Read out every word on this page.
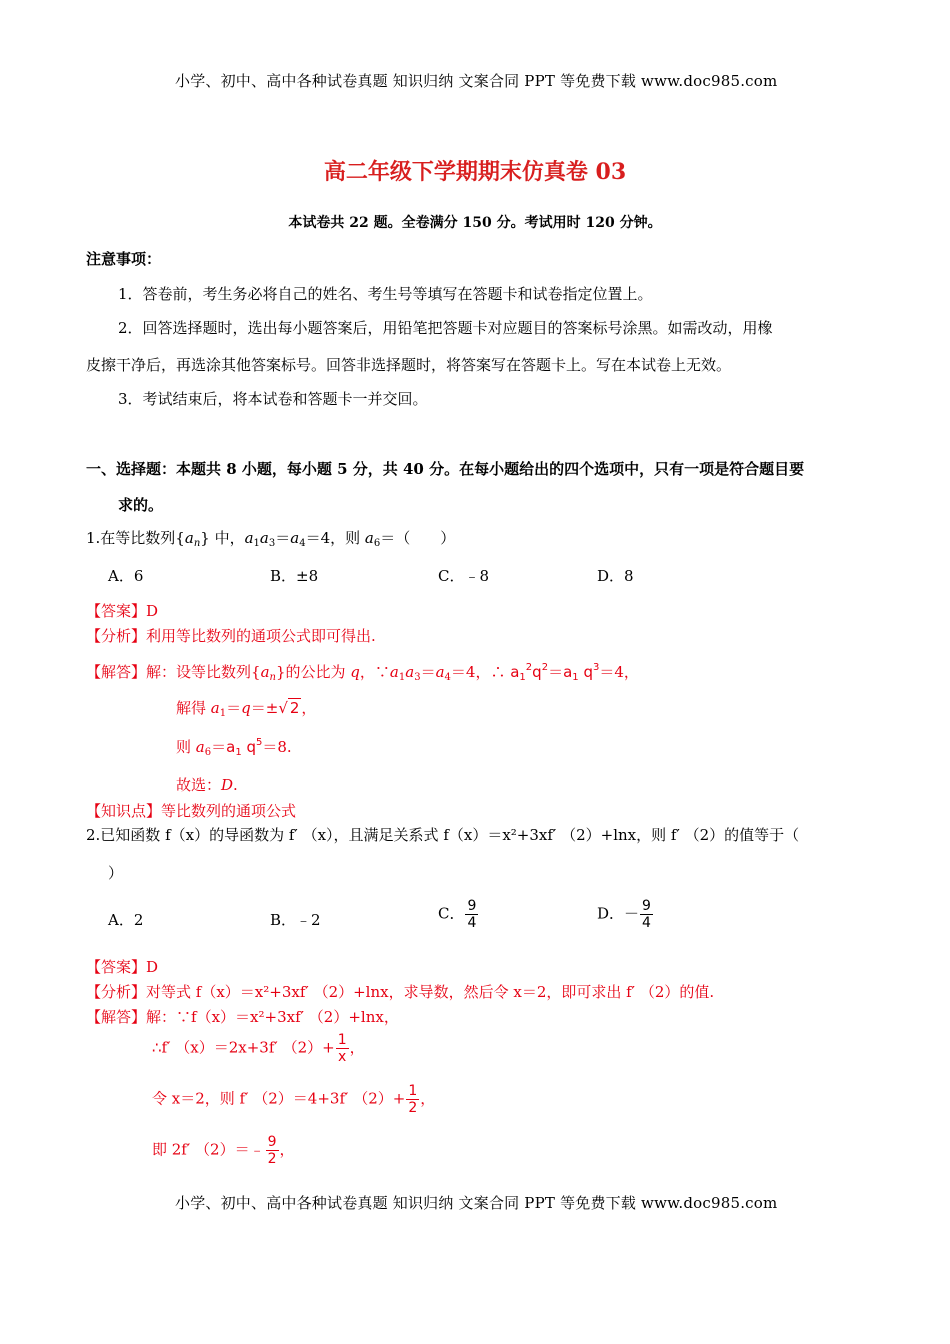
小学、初中、高中各种试卷真题 知识归纳 文案合同 PPT 等免费下载 www.doc985.com
小学、初中、高中各种试卷真题 知识归纳 文案合同 PPT 等免费下载 www.doc985.com
高二年级下学期期末仿真卷 03
本试卷共 22 题。全卷满分 150 分。考试用时 120 分钟。
注意事项：
1．答卷前，考生务必将自己的姓名、考生号等填写在答题卡和试卷指定位置上。
2．回答选择题时，选出每小题答案后，用铅笔把答题卡对应题目的答案标号涂黑。如需改动，用橡
皮擦干净后，再选涂其他答案标号。回答非选择题时，将答案写在答题卡上。写在本试卷上无效。
3．考试结束后，将本试卷和答题卡一并交回。
一、选择题：本题共 8 小题，每小题 5 分，共 40 分。在每小题给出的四个选项中，只有一项是符合题目要
求的。
1.在等比数列$\{a_n\}$ 中，$a_1a_3=a_4=4$，则 $a_6=$（　　）
A．6	B．±8	C．﹣8	D．8
【答案】D
【分析】利用等比数列的通项公式即可得出.
【解答】解：设等比数列$\{a_n\}$的公比为 q，$\because a_1a_3=a_4=4$，∴ $a_1^2q^2=a_1$ $q^3=4$，
解得 $a_1=q=\pm√$ 2 ，
则 $a_6=a_1$ $q^5=8$.
故选：D.
【知识点】等比数列的通项公式
2.已知函数 f（x）的导函数为 f′ （x），且满足关系式 f（x）＝x²+3xf′ （2）+lnx，则 f′ （2）的值等于（
）
A．2	B．﹣2	C． $\frac{9}{4}$	D．－ $\frac{9}{4}$
【答案】D
【分析】对等式 f（x）＝x²+3xf′ （2）+lnx，求导数，然后令 x＝2，即可求出 f′ （2）的值.
【解答】解：∵f（x）＝x²+3xf′ （2）+lnx，
∴f′ （x）＝2x+3f′ $(2)+ \frac{1}{x}$ ，
令 x＝2，则 f′ （2）＝4+3f′ $(2)+ \frac{1}{2}$ ，
即 2f′ （2）＝﹣ $\frac{9}{2}$ ，
